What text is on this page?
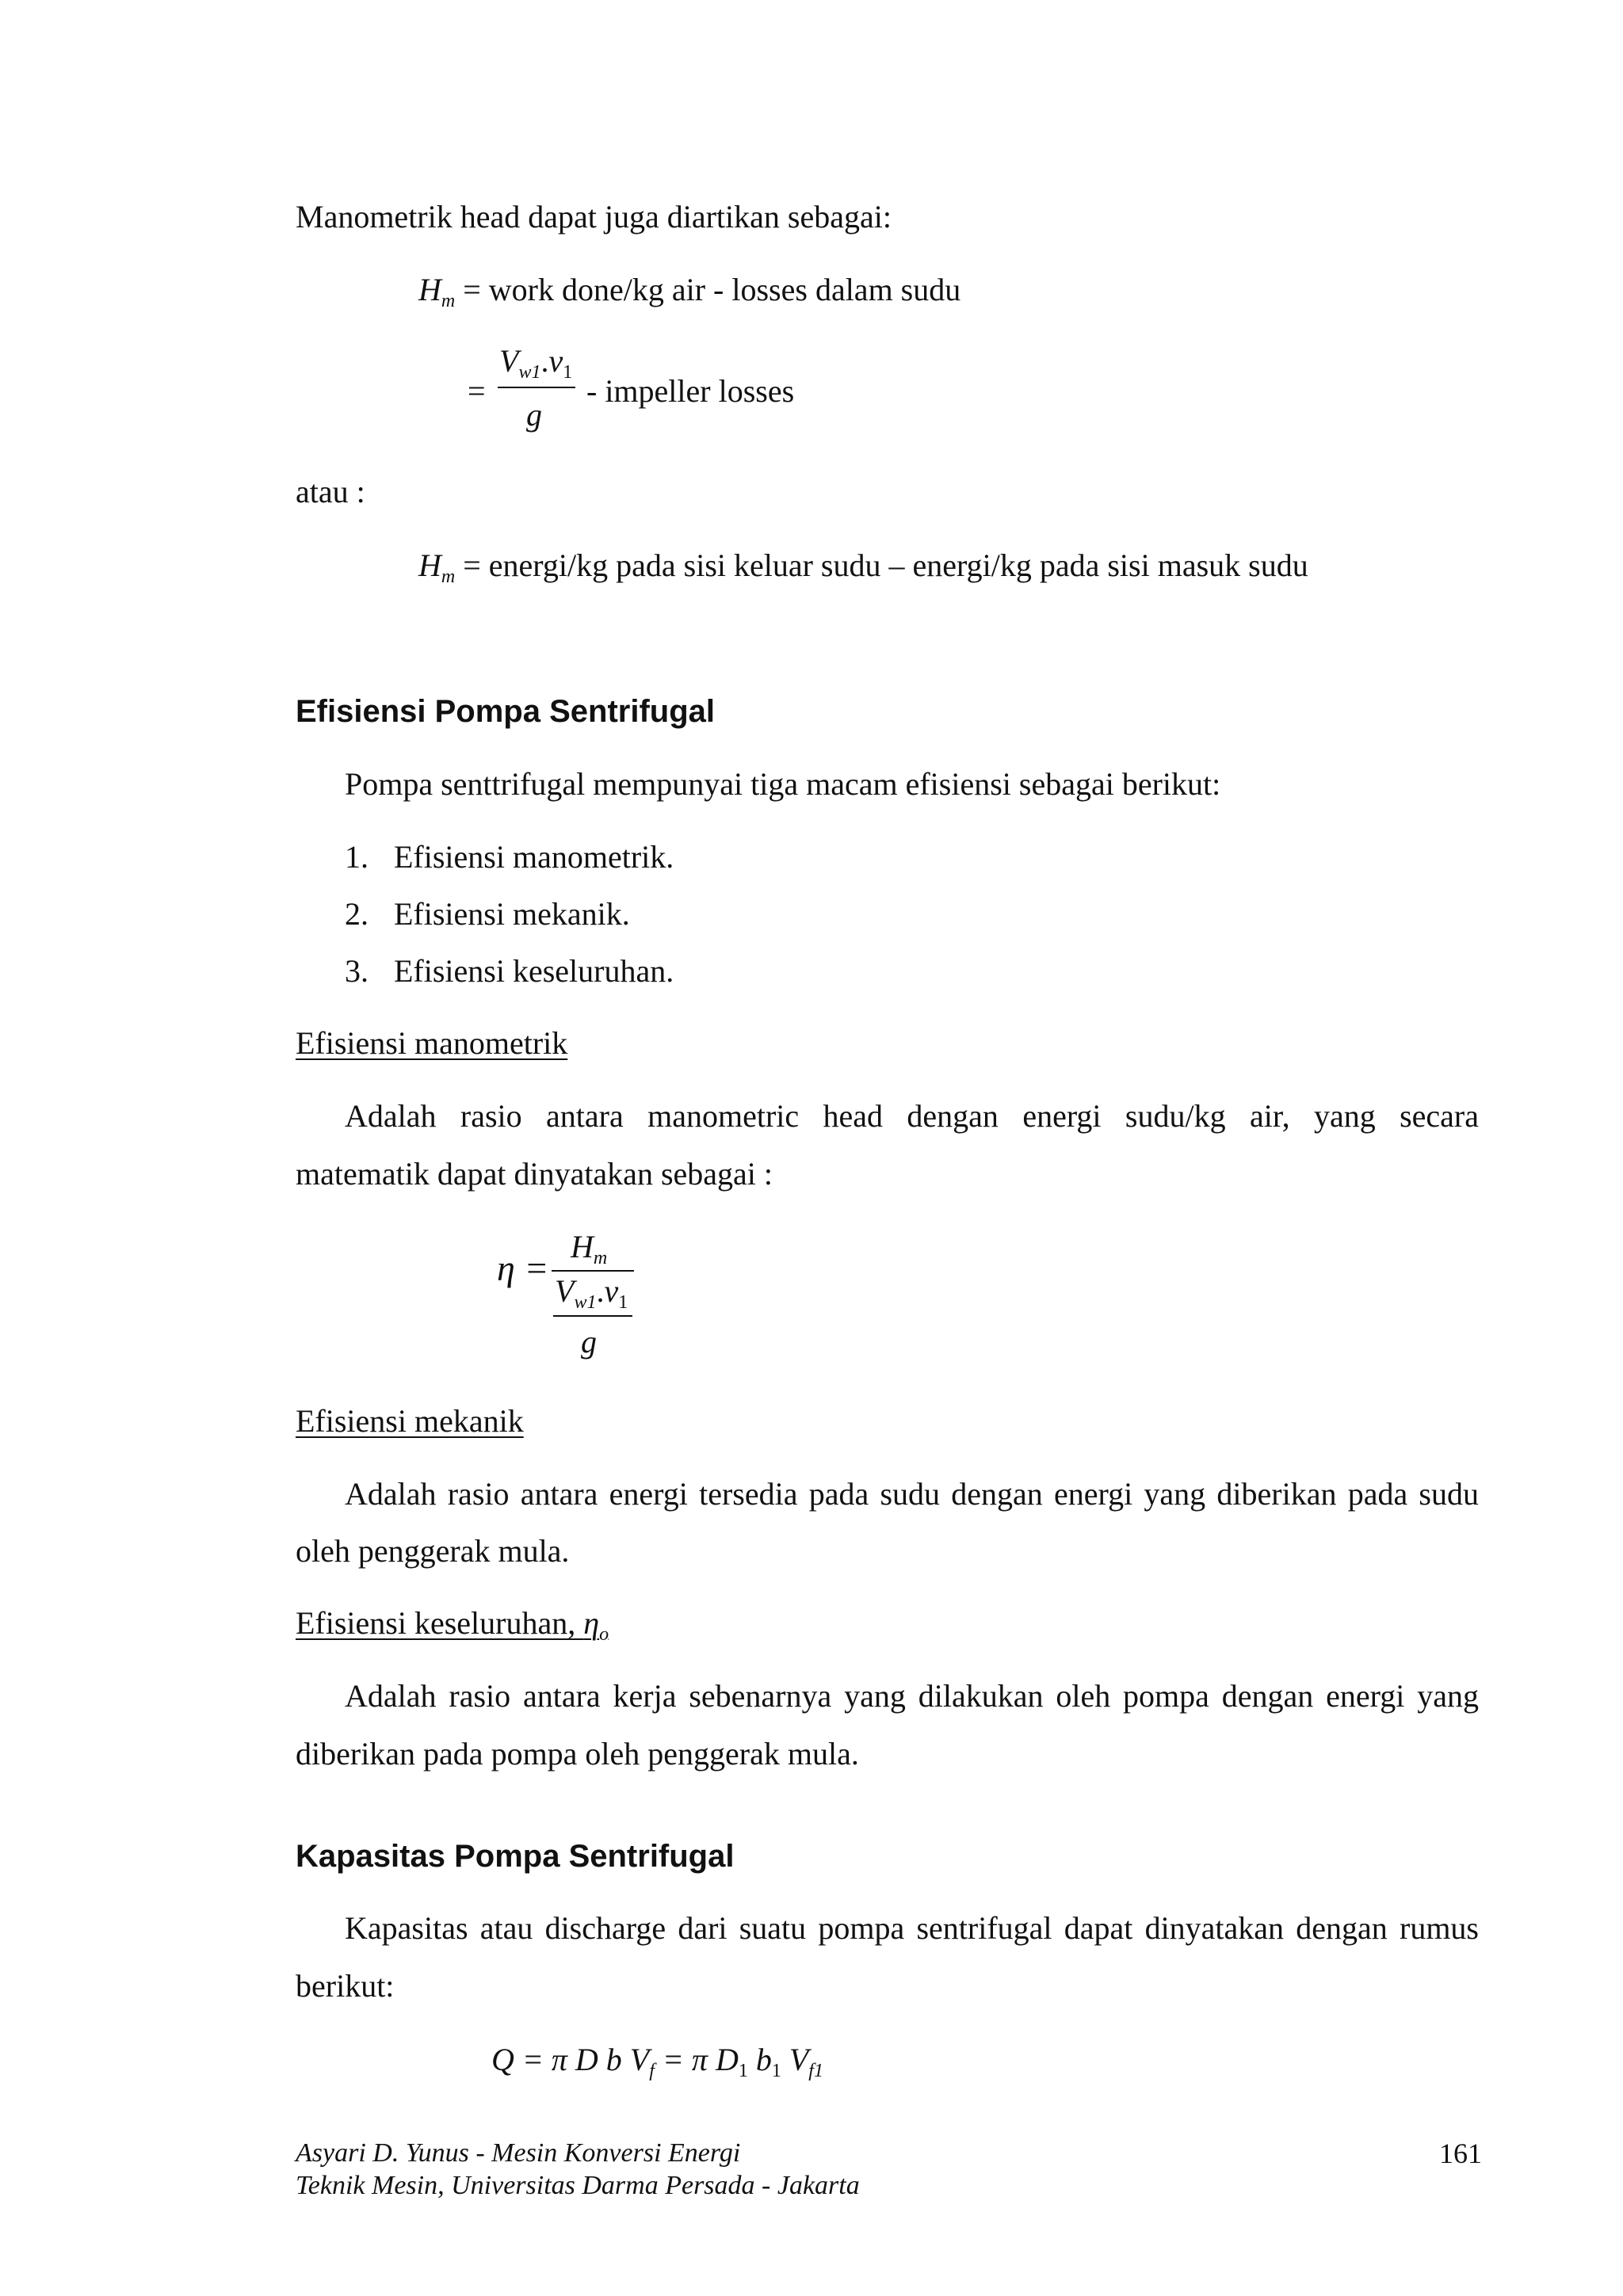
Manometrik head dapat juga diartikan sebagai:
$H_m$ = work done/kg air - losses dalam sudu
=
$V_{w1}.v_1$
g
- impeller losses
atau :
$H_m$ = energi/kg pada sisi keluar sudu – energi/kg pada sisi masuk sudu
Efisiensi Pompa Sentrifugal
Pompa senttrifugal mempunyai tiga macam efisiensi sebagai berikut:
1. Efisiensi manometrik.
2. Efisiensi mekanik.
3. Efisiensi keseluruhan.
Efisiensi manometrik
Adalah rasio antara manometric head dengan energi sudu/kg air, yang secara
matematik dapat dinyatakan sebagai :
η =
$H_m$
$V_{w1}.v_1$
g
Efisiensi mekanik
Adalah rasio antara energi tersedia pada sudu dengan energi yang diberikan pada sudu
oleh penggerak mula.
Efisiensi keseluruhan, $\eta_o$
Adalah rasio antara kerja sebenarnya yang dilakukan oleh pompa dengan energi yang
diberikan pada pompa oleh penggerak mula.
Kapasitas Pompa Sentrifugal
Kapasitas atau discharge dari suatu pompa sentrifugal dapat dinyatakan dengan rumus
berikut:
Q = π D b $V_f = \pi$ $D_1$ $b_1$ $V_{f1}$
Asyari D. Yunus - Mesin Konversi Energi
Teknik Mesin, Universitas Darma Persada - Jakarta
161
